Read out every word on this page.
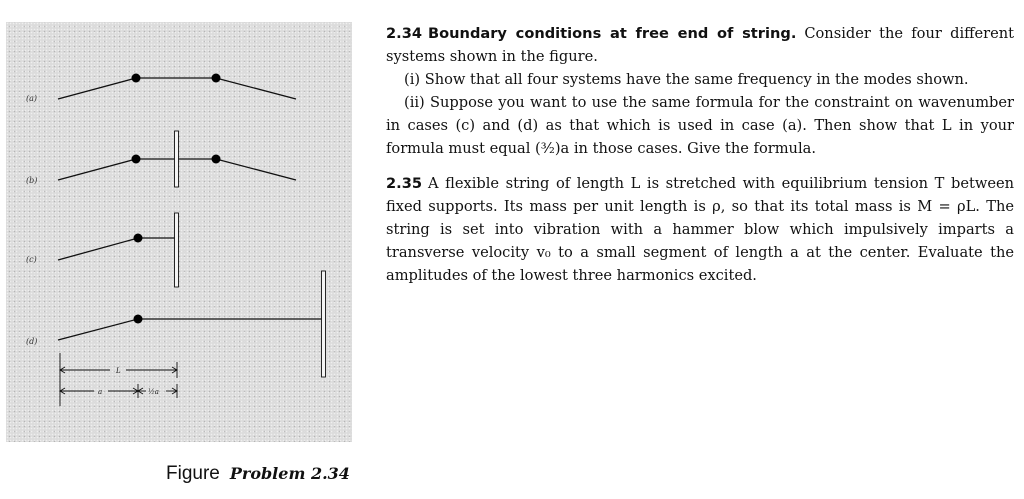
(a)
(b)
(c)
(d)
L
a	½a
Figure Problem 2.34

2.34 Boundary conditions at free end of string. Consider the four different systems shown in the figure.

(i) Show that all four systems have the same frequency in the modes shown.

(ii) Suppose you want to use the same formula for the constraint on wavenumber in cases (c) and (d) as that which is used in case (a). Then show that L in your formula must equal (³⁄₂)a in those cases. Give the formula.

2.35 A flexible string of length L is stretched with equilibrium tension T between fixed supports. Its mass per unit length is ρ, so that its total mass is M = ρL. The string is set into vibration with a hammer blow which impulsively imparts a transverse velocity v₀ to a small segment of length a at the center. Evaluate the amplitudes of the lowest three harmonics excited.
